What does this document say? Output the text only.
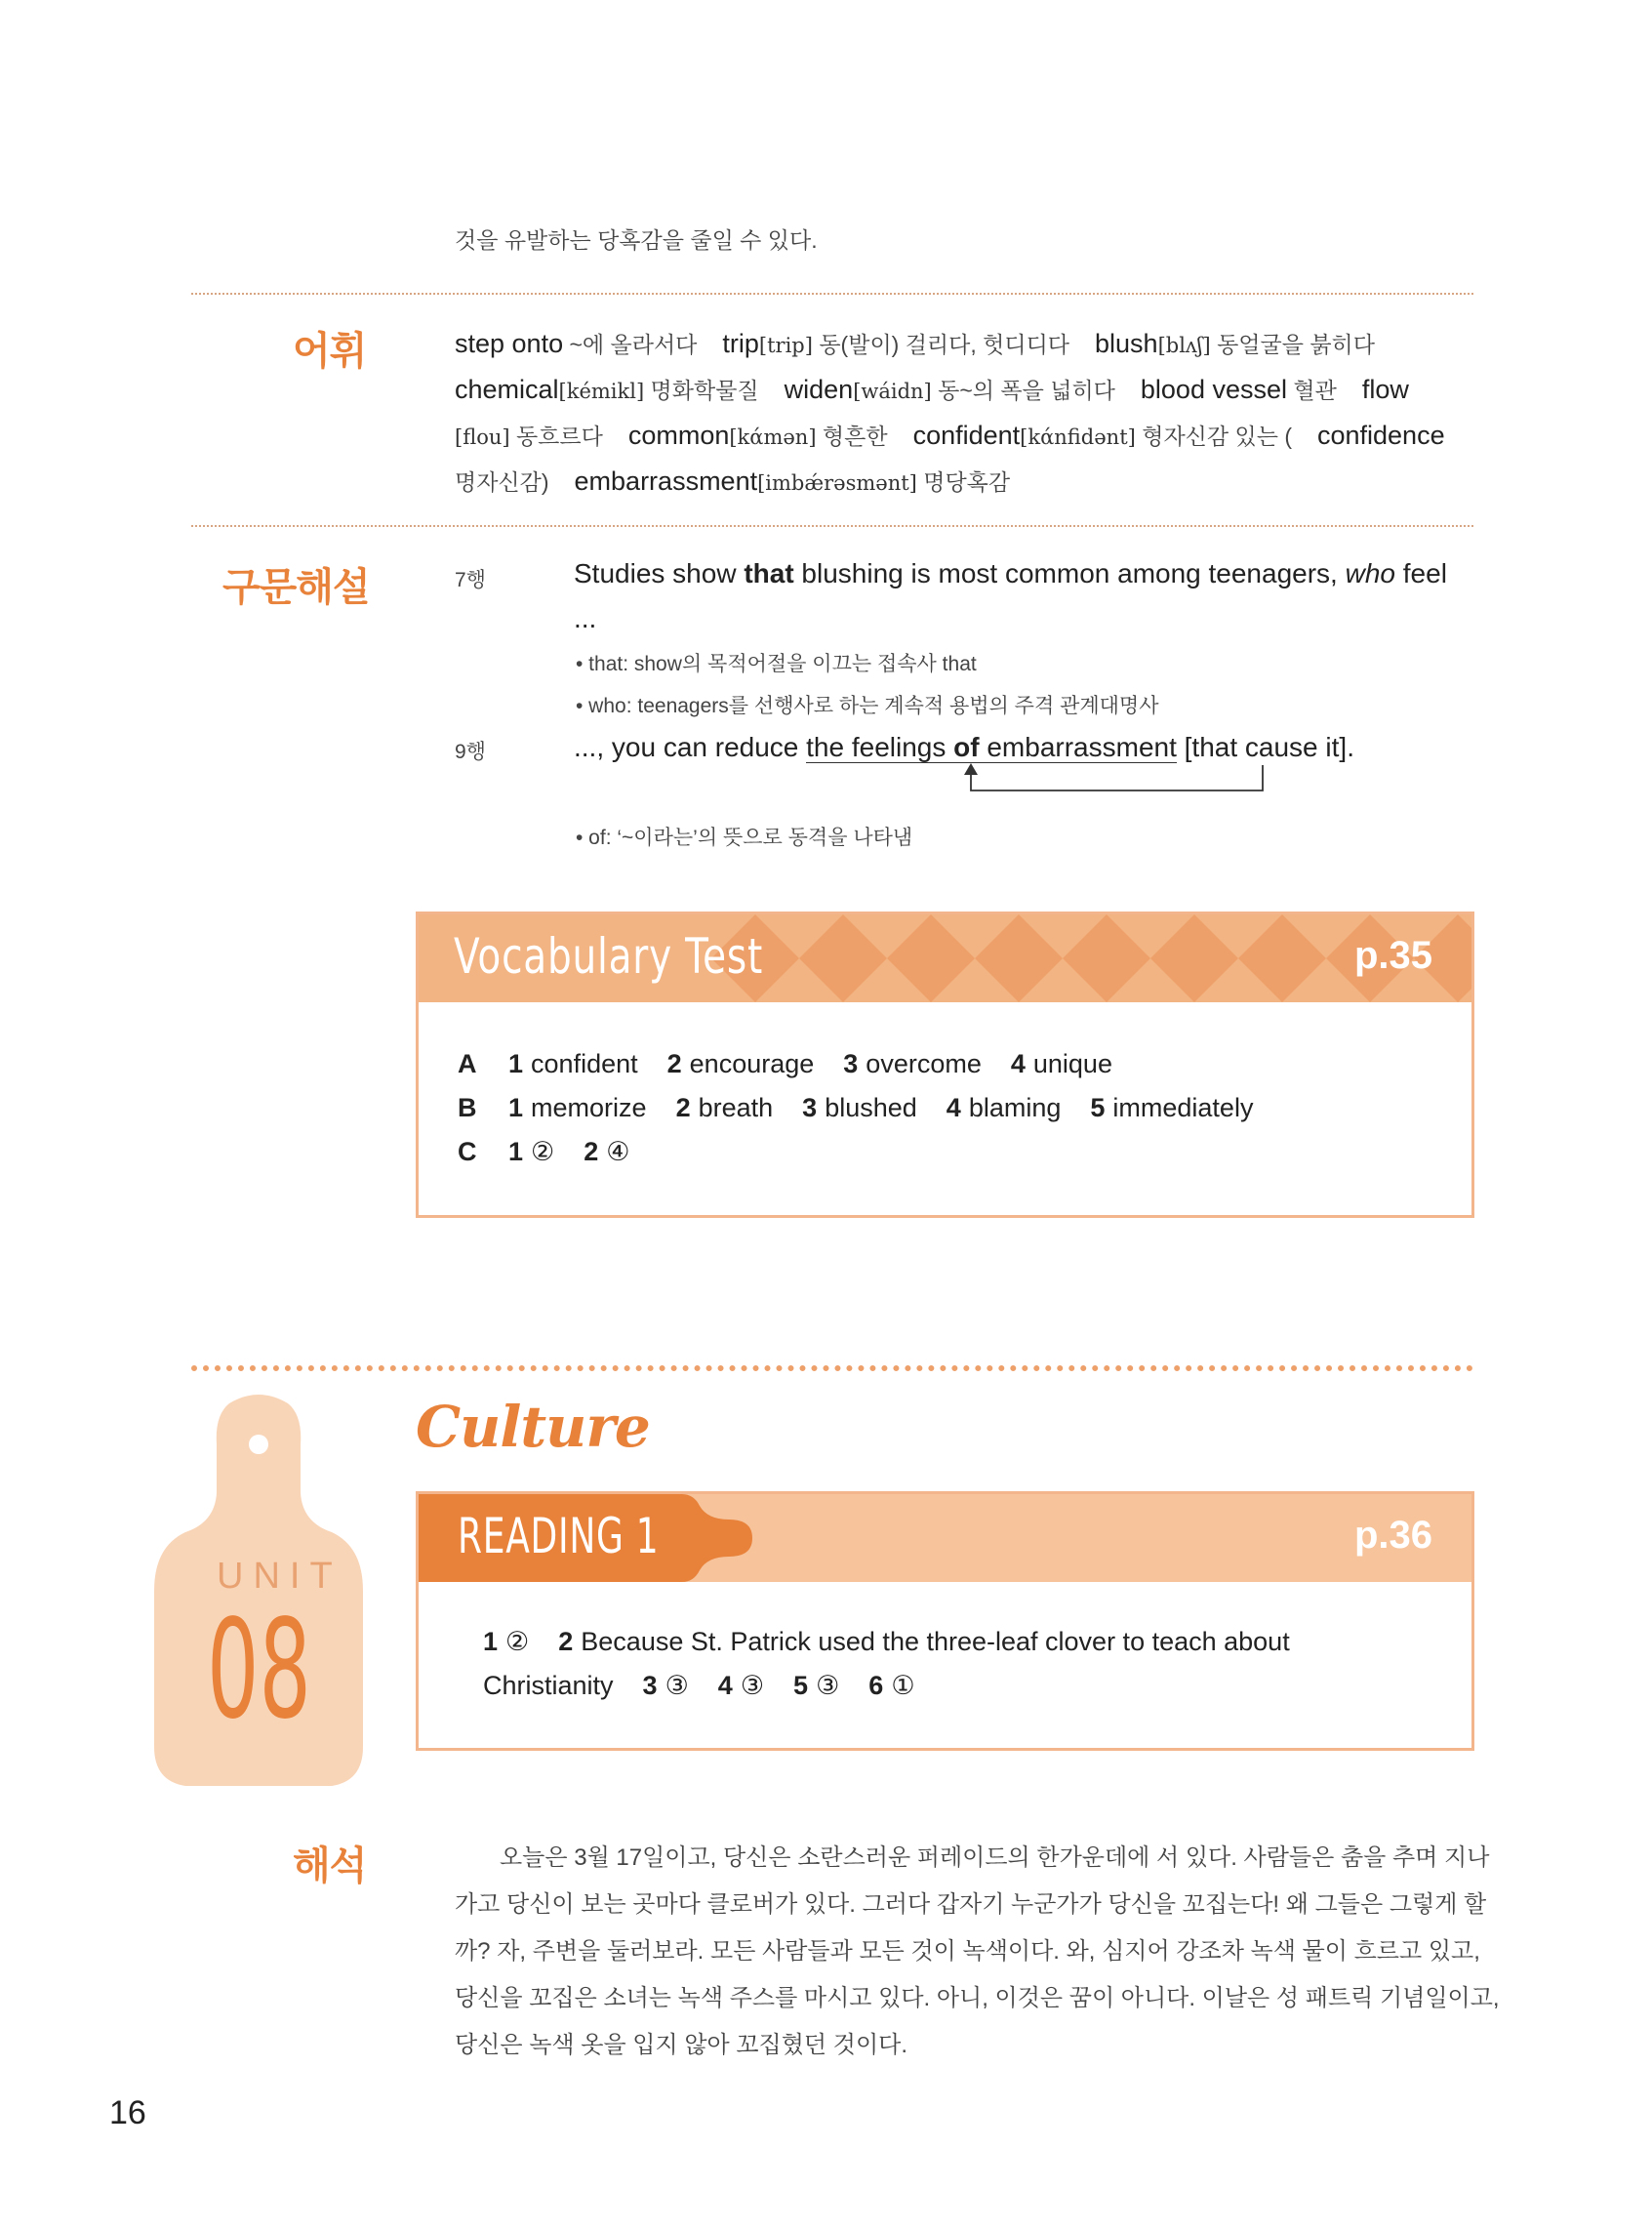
것을 유발하는 당혹감을 줄일 수 있다.
어휘	step onto ~에 올라서다 trip[trip] 동(발이) 걸리다, 헛디디다 blush[blʌʃ] 동얼굴을 붉히다
chemical[kémikl] 명화학물질 widen[wáidn] 동~의 폭을 넓히다 blood vessel 혈관 flow
[flou] 동흐르다 common[kάmən] 형흔한 confident[kάnfidənt] 형자신감 있는 ( confidence
명자신감) embarrassment[imbǽrəsmənt] 명당혹감
구문해설	7행	Studies show that blushing is most common among teenagers, who feel
...
• that: show의 목적어절을 이끄는 접속사 that
• who: teenagers를 선행사로 하는 계속적 용법의 주격 관계대명사
9행	..., you can reduce the feelings of embarrassment [that cause it].
• of: ‘~이라는’의 뜻으로 동격을 나타냄
Vocabulary Test	p.35
A 1 confident 2 encourage 3 overcome 4 unique
B 1 memorize 2 breath 3 blushed 4 blaming 5 immediately
C 1 ② 2 ④
UNIT
08
Culture
READING 1	p.36
1 ② 2 Because St. Patrick used the three-leaf clover to teach about
Christianity 3 ③ 4 ③ 5 ③ 6 ①
해석	오늘은 3월 17일이고, 당신은 소란스러운 퍼레이드의 한가운데에 서 있다. 사람들은 춤을 추며 지나
가고 당신이 보는 곳마다 클로버가 있다. 그러다 갑자기 누군가가 당신을 꼬집는다! 왜 그들은 그렇게 할
까? 자, 주변을 둘러보라. 모든 사람들과 모든 것이 녹색이다. 와, 심지어 강조차 녹색 물이 흐르고 있고,
당신을 꼬집은 소녀는 녹색 주스를 마시고 있다. 아니, 이것은 꿈이 아니다. 이날은 성 패트릭 기념일이고,
당신은 녹색 옷을 입지 않아 꼬집혔던 것이다.
16
